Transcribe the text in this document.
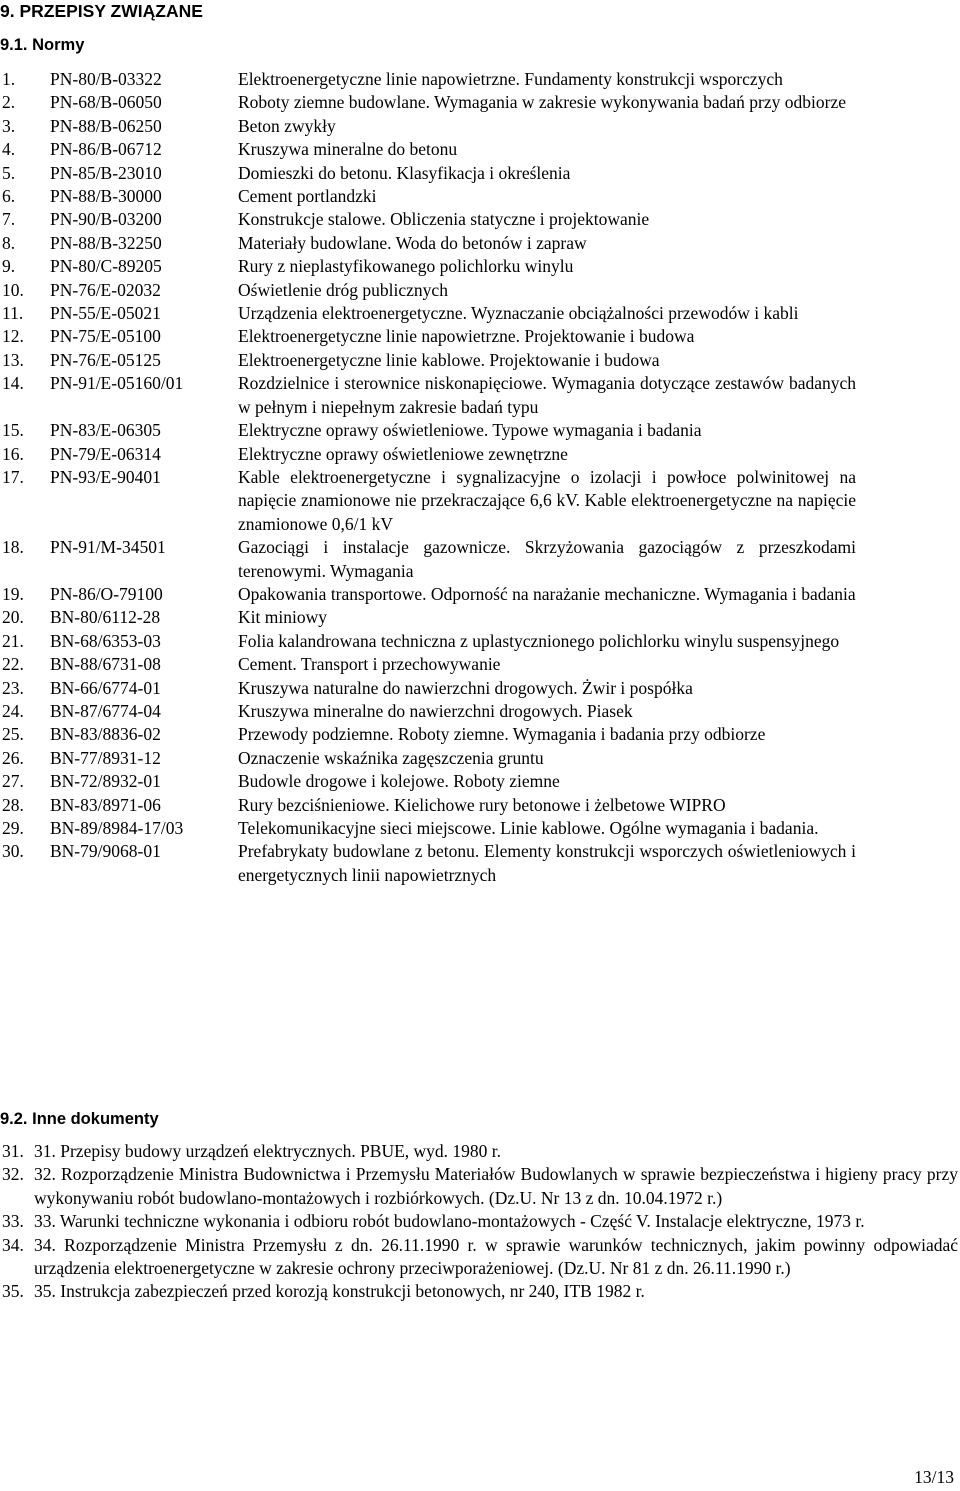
9. PRZEPISY ZWIĄZANE
9.1. Normy
1.	PN-80/B-03322	Elektroenergetyczne linie napowietrzne. Fundamenty konstrukcji wsporczych
2.	PN-68/B-06050	Roboty ziemne budowlane. Wymagania w zakresie wykonywania badań przy odbiorze
3.	PN-88/B-06250	Beton zwykły
4.	PN-86/B-06712	Kruszywa mineralne do betonu
5.	PN-85/B-23010	Domieszki do betonu. Klasyfikacja i określenia
6.	PN-88/B-30000	Cement portlandzki
7.	PN-90/B-03200	Konstrukcje stalowe. Obliczenia statyczne i projektowanie
8.	PN-88/B-32250	Materiały budowlane. Woda do betonów i zapraw
9.	PN-80/C-89205	Rury z nieplastyfikowanego polichlorku winylu
10.	PN-76/E-02032	Oświetlenie dróg publicznych
11.	PN-55/E-05021	Urządzenia elektroenergetyczne. Wyznaczanie obciążalności przewodów i kabli
12.	PN-75/E-05100	Elektroenergetyczne linie napowietrzne. Projektowanie i budowa
13.	PN-76/E-05125	Elektroenergetyczne linie kablowe. Projektowanie i budowa
14.	PN-91/E-05160/01	Rozdzielnice i sterownice niskonapięciowe. Wymagania dotyczące zestawów badanych w pełnym i niepełnym zakresie badań typu
15.	PN-83/E-06305	Elektryczne oprawy oświetleniowe. Typowe wymagania i badania
16.	PN-79/E-06314	Elektryczne oprawy oświetleniowe zewnętrzne
17.	PN-93/E-90401	Kable elektroenergetyczne i sygnalizacyjne o izolacji i powłoce polwinitowej na napięcie znamionowe nie przekraczające 6,6 kV. Kable elektroenergetyczne na napięcie znamionowe 0,6/1 kV
18.	PN-91/M-34501	Gazociągi i instalacje gazownicze. Skrzyżowania gazociągów z przeszkodami terenowymi. Wymagania
19.	PN-86/O-79100	Opakowania transportowe. Odporność na narażanie mechaniczne. Wymagania i badania
20.	BN-80/6112-28	Kit miniowy
21.	BN-68/6353-03	Folia kalandrowana techniczna z uplastycznionego polichlorku winylu suspensyjnego
22.	BN-88/6731-08	Cement. Transport i przechowywanie
23.	BN-66/6774-01	Kruszywa naturalne do nawierzchni drogowych. Żwir i pospółka
24.	BN-87/6774-04	Kruszywa mineralne do nawierzchni drogowych. Piasek
25.	BN-83/8836-02	Przewody podziemne. Roboty ziemne. Wymagania i badania przy odbiorze
26.	BN-77/8931-12	Oznaczenie wskaźnika zagęszczenia gruntu
27.	BN-72/8932-01	Budowle drogowe i kolejowe. Roboty ziemne
28.	BN-83/8971-06	Rury bezciśnieniowe. Kielichowe rury betonowe i żelbetowe WIPRO
29.	BN-89/8984-17/03	Telekomunikacyjne sieci miejscowe. Linie kablowe. Ogólne wymagania i badania.
30.	BN-79/9068-01	Prefabrykaty budowlane z betonu. Elementy konstrukcji wsporczych oświetleniowych i energetycznych linii napowietrznych
9.2. Inne dokumenty
31. 31. Przepisy budowy urządzeń elektrycznych. PBUE, wyd. 1980 r.
32. 32. Rozporządzenie Ministra Budownictwa i Przemysłu Materiałów Budowlanych w sprawie bezpieczeństwa i higieny pracy przy wykonywaniu robót budowlano-montażowych i rozbiórkowych. (Dz.U. Nr 13 z dn. 10.04.1972 r.)
33. 33. Warunki techniczne wykonania i odbioru robót budowlano-montażowych - Część V. Instalacje elektryczne, 1973 r.
34. 34. Rozporządzenie Ministra Przemysłu z dn. 26.11.1990 r. w sprawie warunków technicznych, jakim powinny odpowiadać urządzenia elektroenergetyczne w zakresie ochrony przeciwporażeniowej. (Dz.U. Nr 81 z dn. 26.11.1990 r.)
35. 35. Instrukcja zabezpieczeń przed korozją konstrukcji betonowych, nr 240, ITB 1982 r.
13/13
